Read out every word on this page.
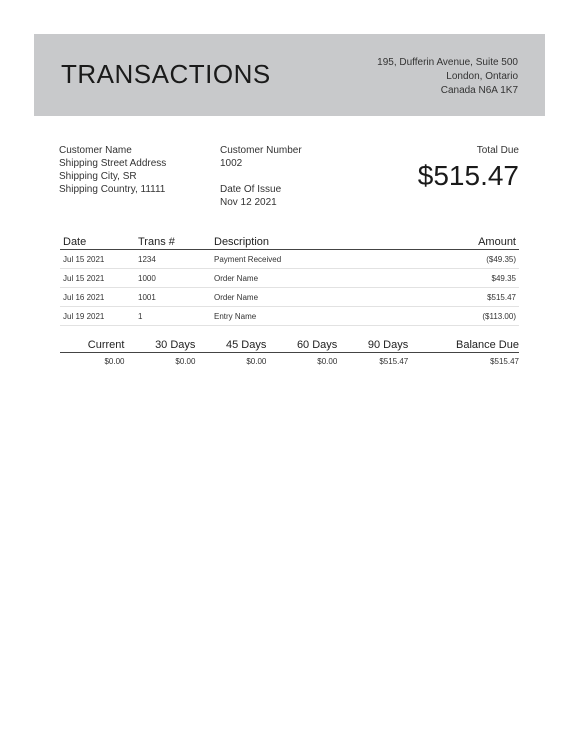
TRANSACTIONS	195, Dufferin Avenue, Suite 500
London, Ontario
Canada N6A 1K7
Customer Name
Shipping Street Address
Shipping City, SR
Shipping Country, 11111
Customer Number
1002
Date Of Issue
Nov 12 2021
Total Due
$515.47
Date	Trans #	Description	Amount
Jul 15 2021	1234	Payment Received	($49.35)
Jul 15 2021	1000	Order Name	$49.35
Jul 16 2021	1001	Order Name	$515.47
Jul 19 2021	1	Entry Name	($113.00)
Current	30 Days	45 Days	60 Days	90 Days	Balance Due
$0.00	$0.00	$0.00	$0.00	$515.47	$515.47
